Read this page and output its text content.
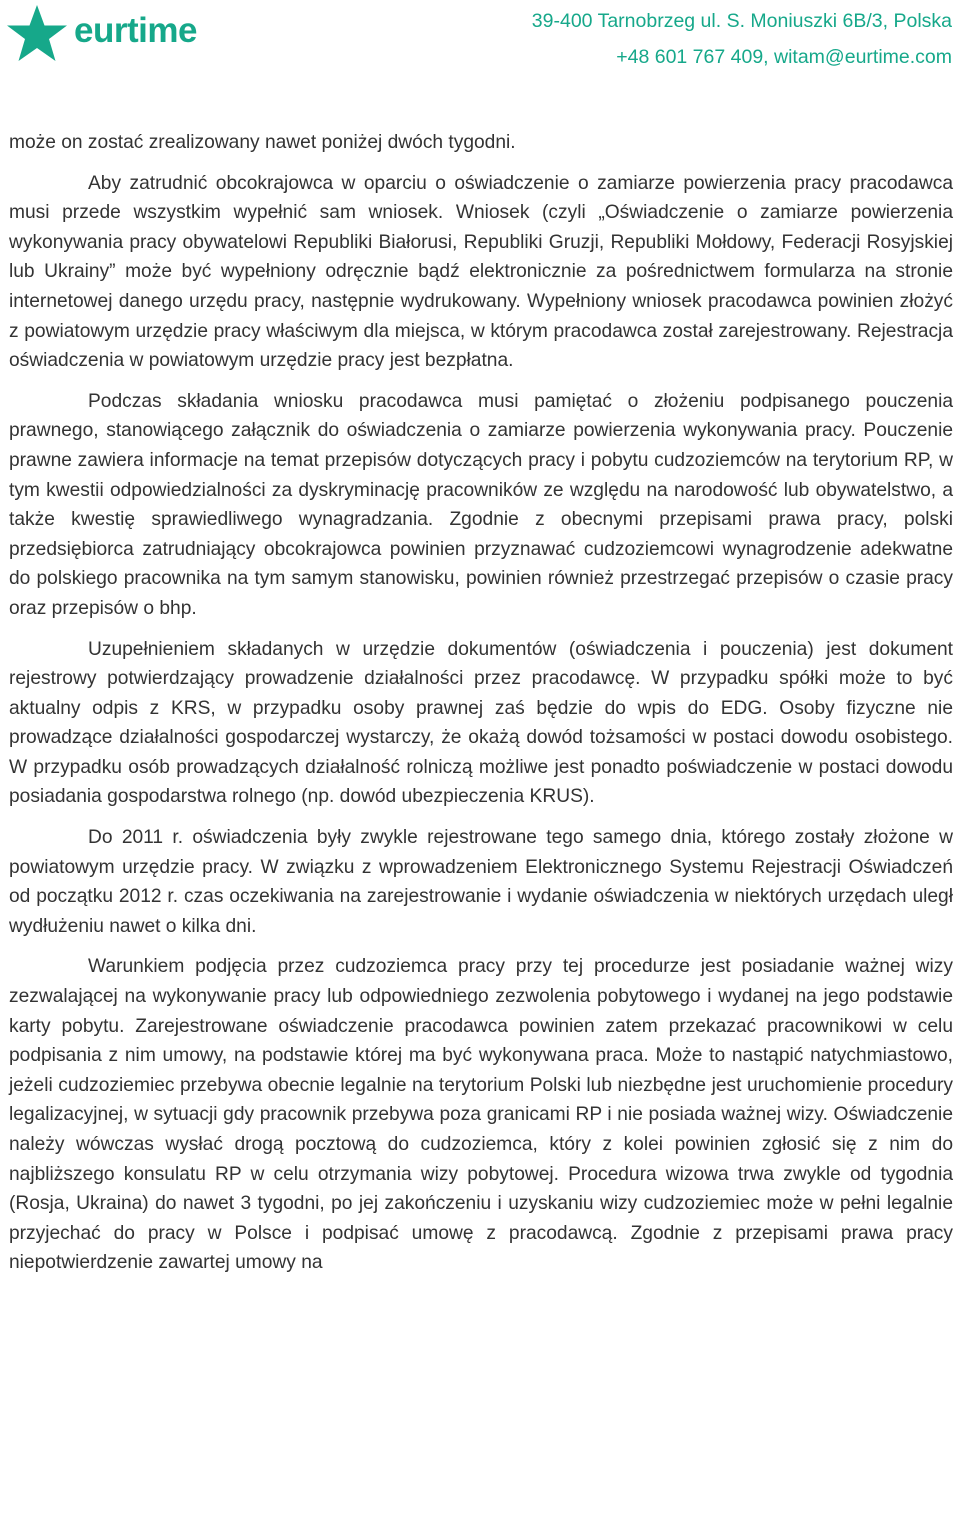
eurtime	39-400 Tarnobrzeg ul. S. Moniuszki 6B/3, Polska
+48 601 767 409, witam@eurtime.com

może on zostać zrealizowany nawet poniżej dwóch tygodni.

Aby zatrudnić obcokrajowca w oparciu o oświadczenie o zamiarze powierzenia pracy pracodawca musi przede wszystkim wypełnić sam wniosek. Wniosek (czyli „Oświadczenie o zamiarze powierzenia wykonywania pracy obywatelowi Republiki Białorusi, Republiki Gruzji, Republiki Mołdowy, Federacji Rosyjskiej lub Ukrainy” może być wypełniony odręcznie bądź elektronicznie za pośrednictwem formularza na stronie internetowej danego urzędu pracy, następnie wydrukowany. Wypełniony wniosek pracodawca powinien złożyć z powiatowym urzędzie pracy właściwym dla miejsca, w którym pracodawca został zarejestrowany. Rejestracja oświadczenia w powiatowym urzędzie pracy jest bezpłatna.

Podczas składania wniosku pracodawca musi pamiętać o złożeniu podpisanego pouczenia prawnego, stanowiącego załącznik do oświadczenia o zamiarze powierzenia wykonywania pracy. Pouczenie prawne zawiera informacje na temat przepisów dotyczących pracy i pobytu cudzoziemców na terytorium RP, w tym kwestii odpowiedzialności za dyskryminację pracowników ze względu na narodowość lub obywatelstwo, a także kwestię sprawiedliwego wynagradzania. Zgodnie z obecnymi przepisami prawa pracy, polski przedsiębiorca zatrudniający obcokrajowca powinien przyznawać cudzoziemcowi wynagrodzenie adekwatne do polskiego pracownika na tym samym stanowisku, powinien również przestrzegać przepisów o czasie pracy oraz przepisów o bhp.

Uzupełnieniem składanych w urzędzie dokumentów (oświadczenia i pouczenia) jest dokument rejestrowy potwierdzający prowadzenie działalności przez pracodawcę. W przypadku spółki może to być aktualny odpis z KRS, w przypadku osoby prawnej zaś będzie do wpis do EDG. Osoby fizyczne nie prowadzące działalności gospodarczej wystarczy, że okażą dowód tożsamości w postaci dowodu osobistego. W przypadku osób prowadzących działalność rolniczą możliwe jest ponadto poświadczenie w postaci dowodu posiadania gospodarstwa rolnego (np. dowód ubezpieczenia KRUS).

Do 2011 r. oświadczenia były zwykle rejestrowane tego samego dnia, którego zostały złożone w powiatowym urzędzie pracy. W związku z wprowadzeniem Elektronicznego Systemu Rejestracji Oświadczeń od początku 2012 r. czas oczekiwania na zarejestrowanie i wydanie oświadczenia w niektórych urzędach uległ wydłużeniu nawet o kilka dni.

Warunkiem podjęcia przez cudzoziemca pracy przy tej procedurze jest posiadanie ważnej wizy zezwalającej na wykonywanie pracy lub odpowiedniego zezwolenia pobytowego i wydanej na jego podstawie karty pobytu. Zarejestrowane oświadczenie pracodawca powinien zatem przekazać pracownikowi w celu podpisania z nim umowy, na podstawie której ma być wykonywana praca. Może to nastąpić natychmiastowo, jeżeli cudzoziemiec przebywa obecnie legalnie na terytorium Polski lub niezbędne jest uruchomienie procedury legalizacyjnej, w sytuacji gdy pracownik przebywa poza granicami RP i nie posiada ważnej wizy. Oświadczenie należy wówczas wysłać drogą pocztową do cudzoziemca, który z kolei powinien zgłosić się z nim do najbliższego konsulatu RP w celu otrzymania wizy pobytowej. Procedura wizowa trwa zwykle od tygodnia (Rosja, Ukraina) do nawet 3 tygodni, po jej zakończeniu i uzyskaniu wizy cudzoziemiec może w pełni legalnie przyjechać do pracy w Polsce i podpisać umowę z pracodawcą. Zgodnie z przepisami prawa pracy niepotwierdzenie zawartej umowy na
